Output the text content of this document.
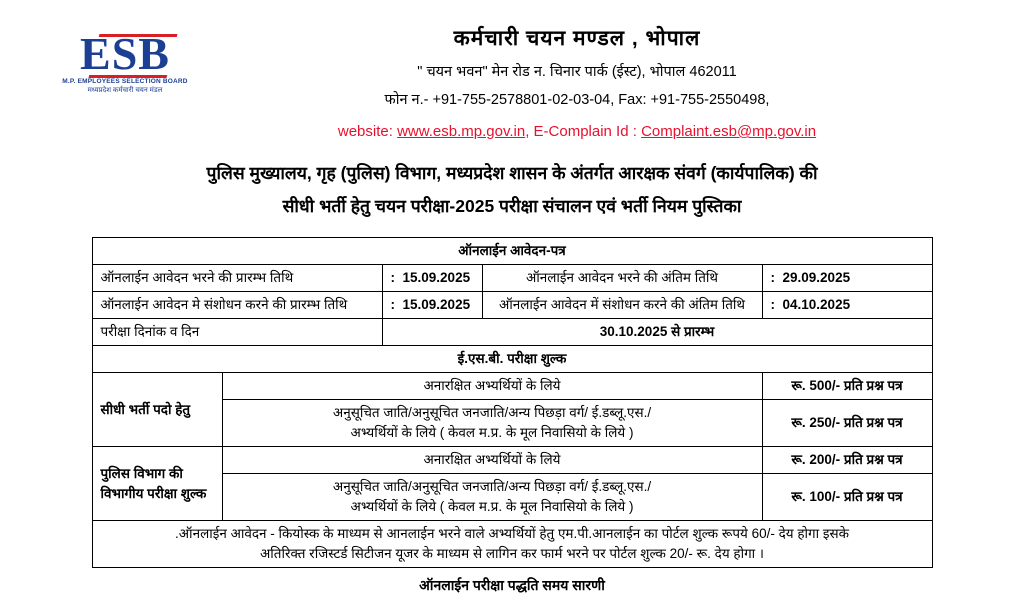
ESB
M.P. EMPLOYEES SELECTION BOARD
मध्यप्रदेश कर्मचारी चयन मंडल
कर्मचारी चयन मण्डल , भोपाल
" चयन भवन" मेन रोड न. चिनार पार्क (ईस्ट), भोपाल 462011
फोन न.- +91-755-2578801-02-03-04, Fax: +91-755-2550498,
website: www.esb.mp.gov.in, E-Complain Id : Complaint.esb@mp.gov.in
पुलिस मुख्यालय, गृह (पुलिस) विभाग, मध्यप्रदेश शासन के अंतर्गत आरक्षक संवर्ग (कार्यपालिक) की
सीधी भर्ती हेतु चयन परीक्षा-2025 परीक्षा संचालन एवं भर्ती नियम पुस्तिका
ऑनलाईन आवेदन-पत्र				
ऑनलाईन आवेदन भरने की प्रारम्भ तिथि		: 15.09.2025	ऑनलाईन आवेदन भरने की अंतिम तिथि	: 29.09.2025
ऑनलाईन आवेदन मे संशोधन करने की प्रारम्भ तिथि		: 15.09.2025	ऑनलाईन आवेदन में संशोधन करने की अंतिम तिथि	: 04.10.2025
परीक्षा दिनांक व दिन		30.10.2025 से प्रारम्भ		
ई.एस.बी. परीक्षा शुल्क				
सीधी भर्ती पदो हेतु	अनारक्षित अभ्यर्थियों के लिये			रू. 500/- प्रति प्रश्न पत्र

	अनुसूचित जाति/अनुसूचित जनजाति/अन्य पिछड़ा वर्ग/ ई.डब्लू.एस./
अभ्यर्थियों के लिये ( केवल म.प्र. के मूल निवासियो के लिये )			रू. 250/- प्रति प्रश्न पत्र
पुलिस विभाग की विभागीय परीक्षा शुल्क	अनारक्षित अभ्यर्थियों के लिये			रू. 200/- प्रति प्रश्न पत्र

	अनुसूचित जाति/अनुसूचित जनजाति/अन्य पिछड़ा वर्ग/ ई.डब्लू.एस./
अभ्यर्थियों के लिये ( केवल म.प्र. के मूल निवासियो के लिये )			रू. 100/- प्रति प्रश्न पत्र

.ऑनलाईन आवेदन - कियोस्क के माध्यम से आनलाईन भरने वाले अभ्यर्थियों हेतु एम.पी.आनलाईन का पोर्टल शुल्क रूपये 60/- देय होगा इसके
अतिरिक्त रजिस्टर्ड सिटीजन यूजर के माध्यम से लागिन कर फार्म भरने पर पोर्टल शुल्क 20/- रू. देय होगा ।				
ऑनलाईन परीक्षा पद्धति समय सारणी
